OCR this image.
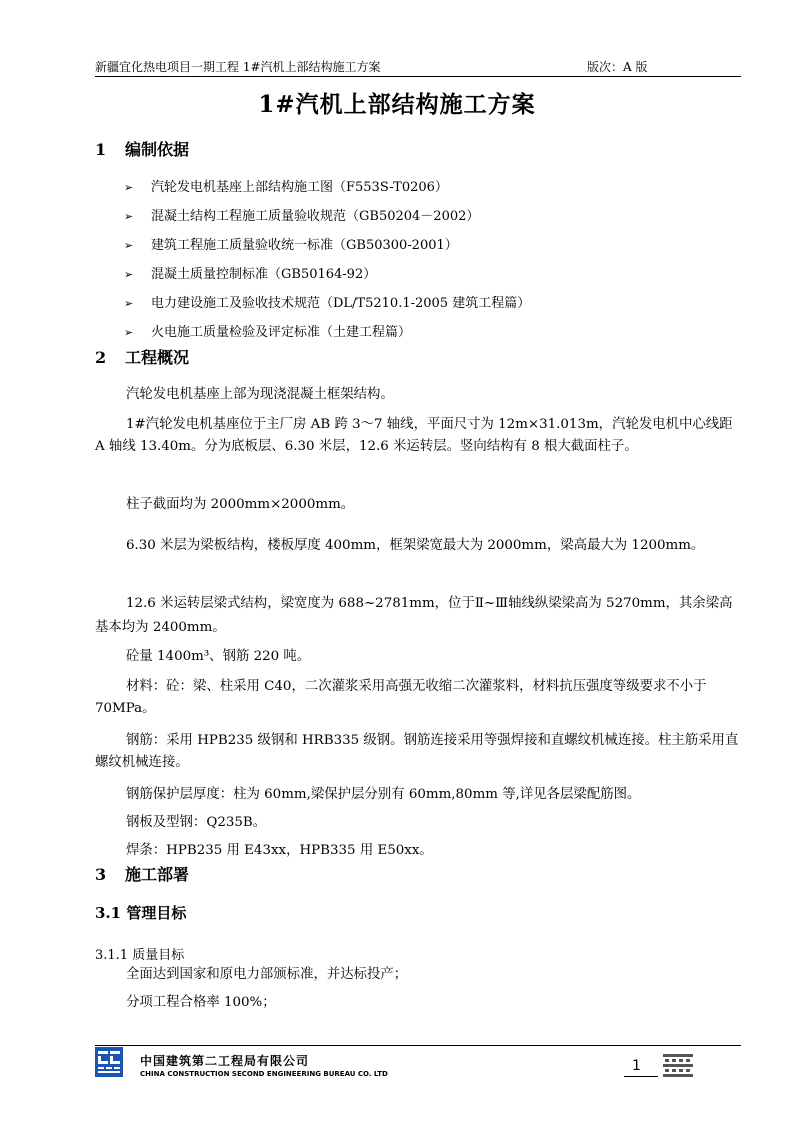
新疆宜化热电项目一期工程 1#汽机上部结构施工方案	版次：A 版
1#汽机上部结构施工方案
1 编制依据
➢ 汽轮发电机基座上部结构施工图（F553S-T0206）
➢ 混凝土结构工程施工质量验收规范（GB50204－2002）
➢ 建筑工程施工质量验收统一标准（GB50300-2001）
➢ 混凝土质量控制标准（GB50164-92）
➢ 电力建设施工及验收技术规范（DL/T5210.1-2005 建筑工程篇）
➢ 火电施工质量检验及评定标准（土建工程篇）
2 工程概况
汽轮发电机基座上部为现浇混凝土框架结构。
1#汽轮发电机基座位于主厂房 AB 跨 3～7 轴线，平面尺寸为 12m×31.013m，汽轮发电机中心线距 A 轴线 13.40m。分为底板层、6.30 米层，12.6 米运转层。竖向结构有 8 根大截面柱子。
柱子截面均为 2000mm×2000mm。
6.30 米层为梁板结构，楼板厚度 400mm，框架梁宽最大为 2000mm，梁高最大为 1200mm。
12.6 米运转层梁式结构，梁宽度为 688~2781mm，位于Ⅱ~Ⅲ轴线纵梁梁高为 5270mm，其余梁高基本均为 2400mm。
砼量 1400m³、钢筋 220 吨。
材料：砼：梁、柱采用 C40，二次灌浆采用高强无收缩二次灌浆料，材料抗压强度等级要求不小于 70MPa。
钢筋：采用 HPB235 级钢和 HRB335 级钢。钢筋连接采用等强焊接和直螺纹机械连接。柱主筋采用直螺纹机械连接。
钢筋保护层厚度：柱为 60mm,梁保护层分别有 60mm,80mm 等,详见各层梁配筋图。
钢板及型钢：Q235B。
焊条：HPB235 用 E43xx，HPB335 用 E50xx。
3 施工部署
3.1 管理目标
3.1.1 质量目标
全面达到国家和原电力部颁标准，并达标投产；
分项工程合格率 100%；
中国建筑第二工程局有限公司
CHINA CONSTRUCTION SECOND ENGINEERING BUREAU CO. LTD	1
